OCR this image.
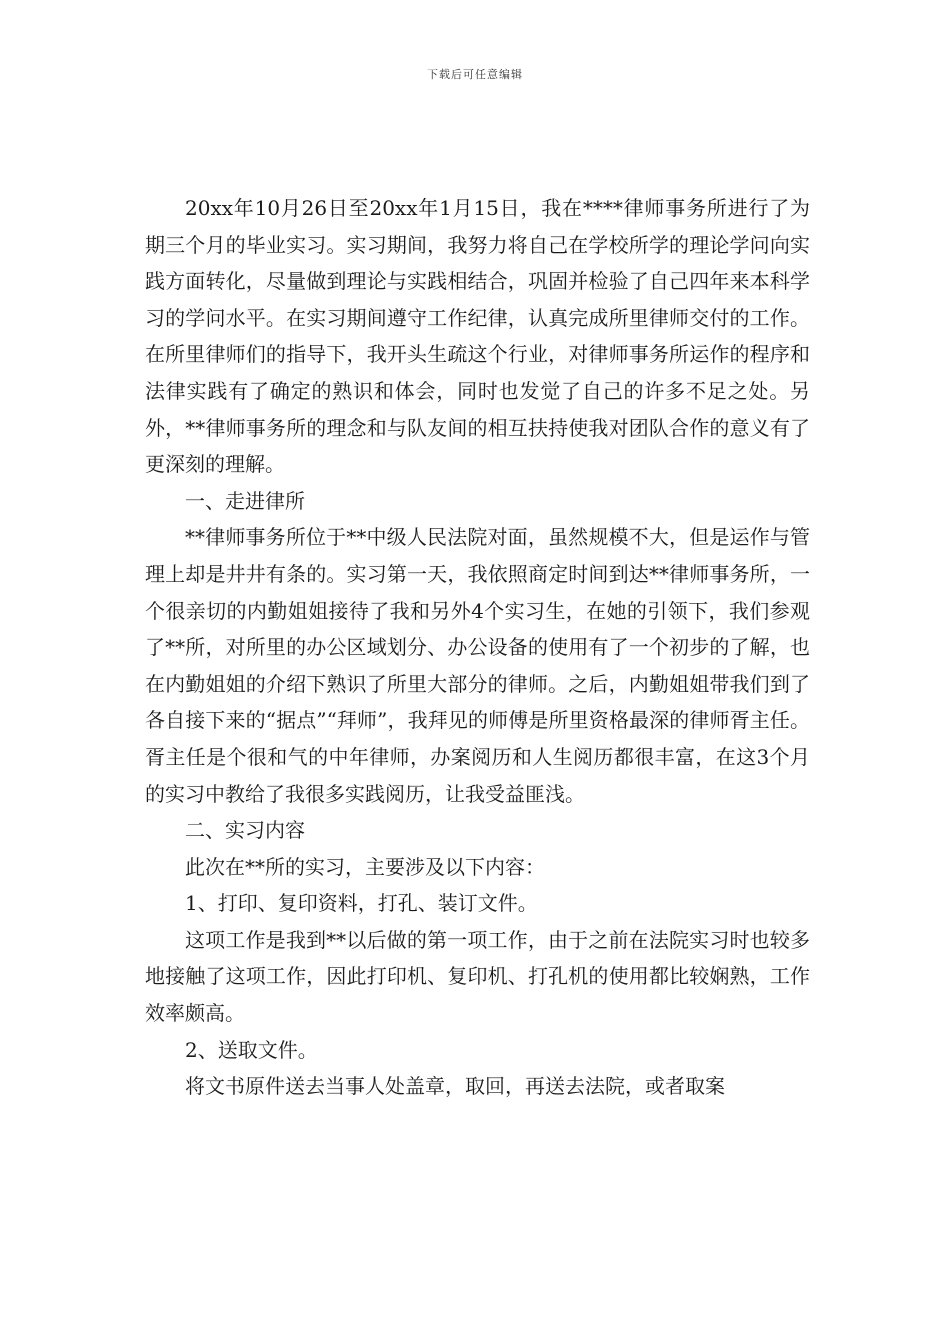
下载后可任意编辑

20xx年10月26日至20xx年1月15日，我在****律师事务所进行了为期三个月的毕业实习。实习期间，我努力将自己在学校所学的理论学问向实践方面转化，尽量做到理论与实践相结合，巩固并检验了自己四年来本科学习的学问水平。在实习期间遵守工作纪律，认真完成所里律师交付的工作。在所里律师们的指导下，我开头生疏这个行业，对律师事务所运作的程序和法律实践有了确定的熟识和体会，同时也发觉了自己的许多不足之处。另外，**律师事务所的理念和与队友间的相互扶持使我对团队合作的意义有了更深刻的理解。

一、走进律所

**律师事务所位于**中级人民法院对面，虽然规模不大，但是运作与管理上却是井井有条的。实习第一天，我依照商定时间到达**律师事务所，一个很亲切的内勤姐姐接待了我和另外4个实习生，在她的引领下，我们参观了**所，对所里的办公区域划分、办公设备的使用有了一个初步的了解，也在内勤姐姐的介绍下熟识了所里大部分的律师。之后，内勤姐姐带我们到了各自接下来的“据点”“拜师”，我拜见的师傅是所里资格最深的律师胥主任。胥主任是个很和气的中年律师，办案阅历和人生阅历都很丰富，在这3个月的实习中教给了我很多实践阅历，让我受益匪浅。

二、实习内容

此次在**所的实习，主要涉及以下内容：

1、打印、复印资料，打孔、装订文件。

这项工作是我到**以后做的第一项工作，由于之前在法院实习时也较多地接触了这项工作，因此打印机、复印机、打孔机的使用都比较娴熟，工作效率颇高。

2、送取文件。

将文书原件送去当事人处盖章，取回，再送去法院，或者取案
